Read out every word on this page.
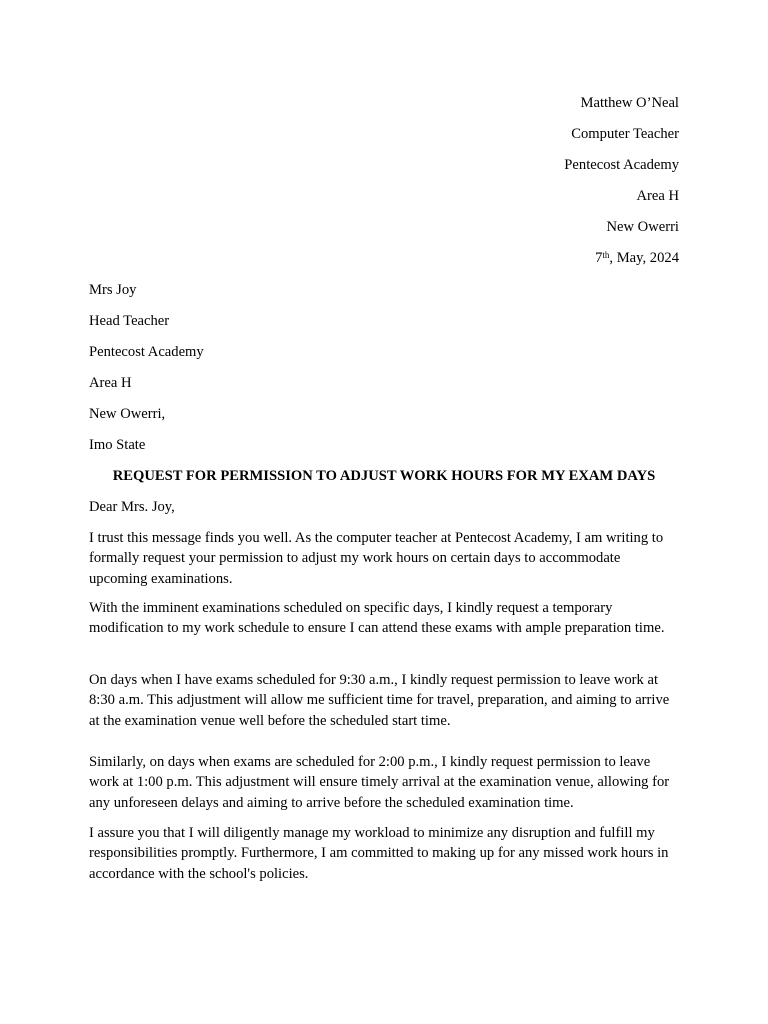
Matthew O’Neal
Computer Teacher
Pentecost Academy
Area H
New Owerri
7th, May, 2024
Mrs Joy
Head Teacher
Pentecost Academy
Area H
New Owerri,
Imo State
REQUEST FOR PERMISSION TO ADJUST WORK HOURS FOR MY EXAM DAYS
Dear Mrs. Joy,

I trust this message finds you well. As the computer teacher at Pentecost Academy, I am writing to formally request your permission to adjust my work hours on certain days to accommodate upcoming examinations.

With the imminent examinations scheduled on specific days, I kindly request a temporary modification to my work schedule to ensure I can attend these exams with ample preparation time.

On days when I have exams scheduled for 9:30 a.m., I kindly request permission to leave work at 8:30 a.m. This adjustment will allow me sufficient time for travel, preparation, and aiming to arrive at the examination venue well before the scheduled start time.

Similarly, on days when exams are scheduled for 2:00 p.m., I kindly request permission to leave work at 1:00 p.m. This adjustment will ensure timely arrival at the examination venue, allowing for any unforeseen delays and aiming to arrive before the scheduled examination time.

I assure you that I will diligently manage my workload to minimize any disruption and fulfill my responsibilities promptly. Furthermore, I am committed to making up for any missed work hours in accordance with the school's policies.
